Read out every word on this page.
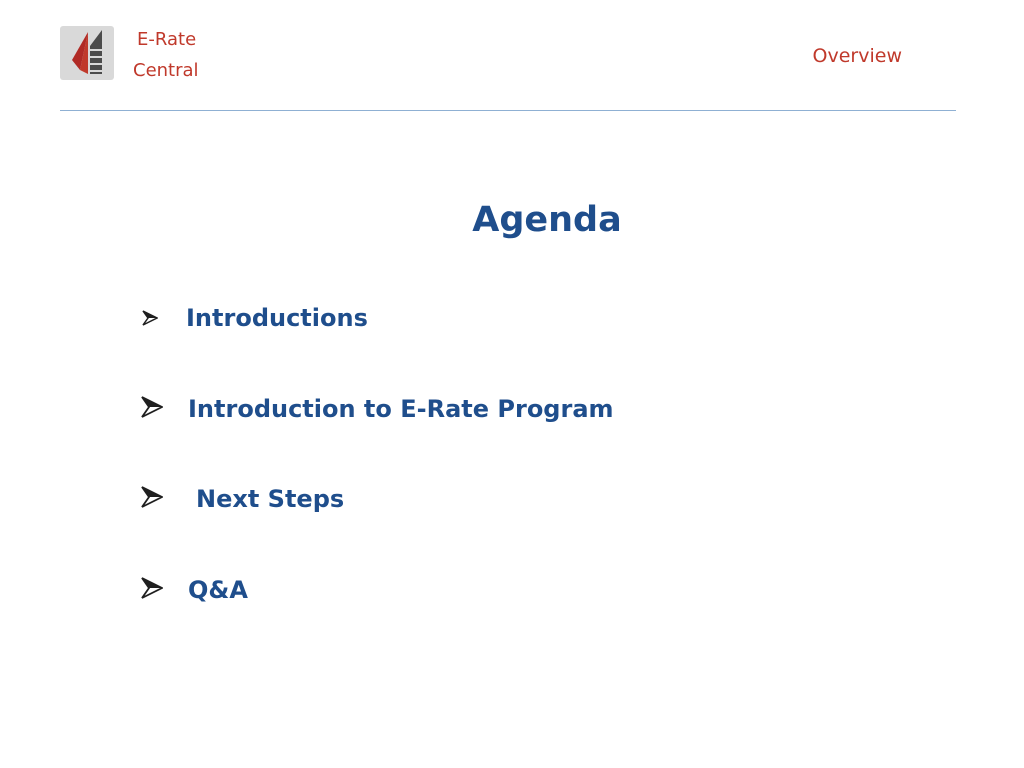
E-Rate
Central
Overview
Agenda
Introductions
Introduction to E-Rate Program
Next Steps
Q&A
